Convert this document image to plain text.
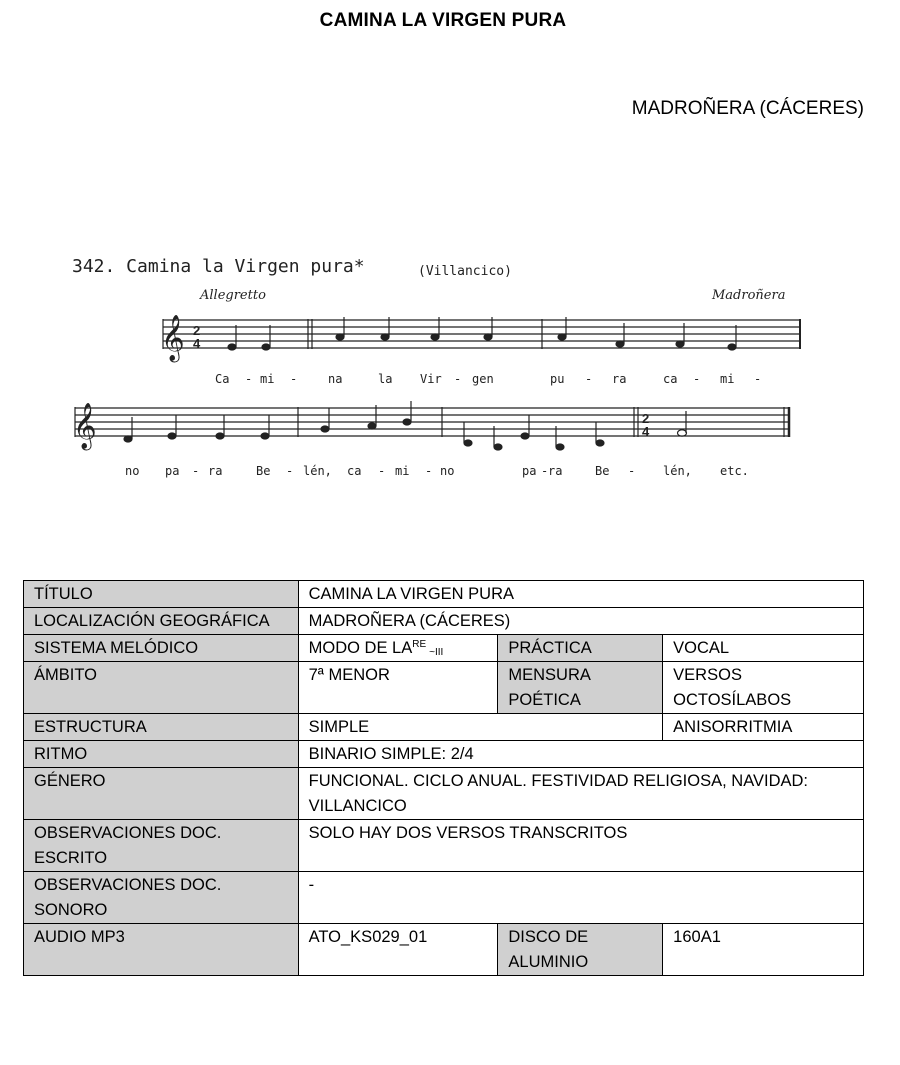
CAMINA LA VIRGEN PURA
MADROÑERA (CÁCERES)
342. Camina la Virgen pura*	(Villancico)
Allegretto	Madroñera
𝄞 2
4
Ca - mi -	na	la Vir - gen	pu - ra	ca - mi -
𝄞	2
4
no pa - ra	Be - lén, ca - mi - no	pa - ra	Be - lén, etc.
TÍTULO	CAMINA LA VIRGEN PURA		
LOCALIZACIÓN GEOGRÁFICA	MADROÑERA (CÁCERES)		
SISTEMA MELÓDICO	MODO DE $LA^{RE}_{\sim III}$	PRÁCTICA	VOCAL
ÁMBITO	7ª MENOR	MENSURA POÉTICA	VERSOS OCTOSÍLABOS
ESTRUCTURA	SIMPLE		ANISORRITMIA
RITMO	BINARIO SIMPLE: 2/4		
GÉNERO	FUNCIONAL. CICLO ANUAL. FESTIVIDAD RELIGIOSA, NAVIDAD: VILLANCICO		
OBSERVACIONES DOC. ESCRITO	SOLO HAY DOS VERSOS TRANSCRITOS		
OBSERVACIONES DOC. SONORO	-		
AUDIO MP3	ATO_KS029_01	DISCO DE ALUMINIO	160A1
